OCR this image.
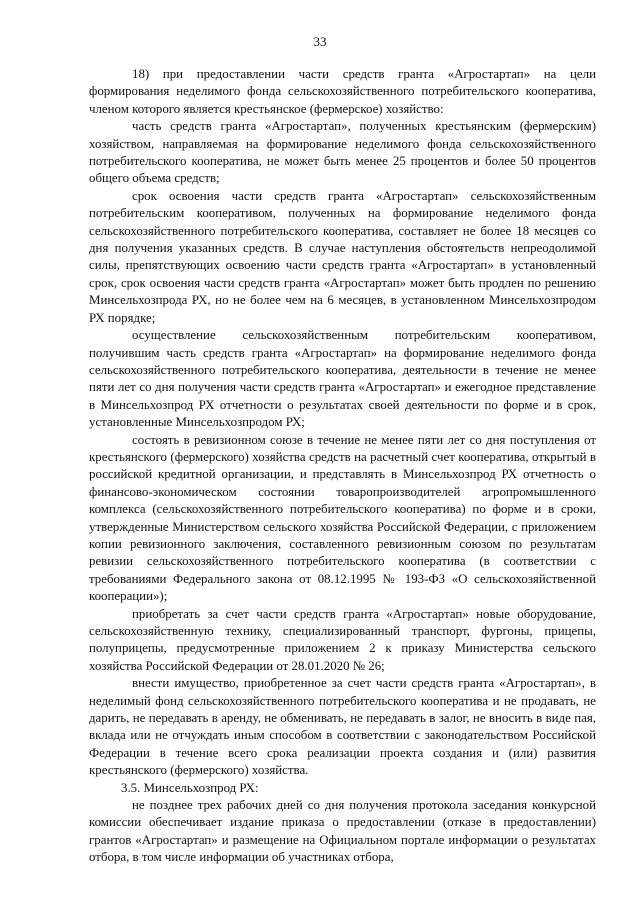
33

18) при предоставлении части средств гранта «Агростартап» на цели формирования неделимого фонда сельскохозяйственного потребительского кооператива, членом которого является крестьянское (фермерское) хозяйство:

часть средств гранта «Агростартап», полученных крестьянским (фермерским) хозяйством, направляемая на формирование неделимого фонда сельскохозяйственного потребительского кооператива, не может быть менее 25 процентов и более 50 процентов общего объема средств;

срок освоения части средств гранта «Агростартап» сельскохозяйственным потребительским кооперативом, полученных на формирование неделимого фонда сельскохозяйственного потребительского кооператива, составляет не более 18 месяцев со дня получения указанных средств. В случае наступления обстоятельств непреодолимой силы, препятствующих освоению части средств гранта «Агростартап» в установленный срок, срок освоения части средств гранта «Агростартап» может быть продлен по решению Минсельхозпрода РХ, но не более чем на 6 месяцев, в установленном Минсельхозпродом РХ порядке;

осуществление сельскохозяйственным потребительским кооперативом, получившим часть средств гранта «Агростартап» на формирование неделимого фонда сельскохозяйственного потребительского кооператива, деятельности в течение не менее пяти лет со дня получения части средств гранта «Агростартап» и ежегодное представление в Минсельхозпрод РХ отчетности о результатах своей деятельности по форме и в срок, установленные Минсельхозпродом РХ;

состоять в ревизионном союзе в течение не менее пяти лет со дня поступления от крестьянского (фермерского) хозяйства средств на расчетный счет кооператива, открытый в российской кредитной организации, и представлять в Минсельхозпрод РХ отчетность о финансово-экономическом состоянии товаропроизводителей агропромышленного комплекса (сельскохозяйственного потребительского кооператива) по форме и в сроки, утвержденные Министерством сельского хозяйства Российской Федерации, с приложением копии ревизионного заключения, составленного ревизионным союзом по результатам ревизии сельскохозяйственного потребительского кооператива (в соответствии с требованиями Федерального закона от 08.12.1995 № 193-ФЗ «О сельскохозяйственной кооперации»);

приобретать за счет части средств гранта «Агростартап» новые оборудование, сельскохозяйственную технику, специализированный транспорт, фургоны, прицепы, полуприцепы, предусмотренные приложением 2 к приказу Министерства сельского хозяйства Российской Федерации от 28.01.2020 № 26;

внести имущество, приобретенное за счет части средств гранта «Агростартап», в неделимый фонд сельскохозяйственного потребительского кооператива и не продавать, не дарить, не передавать в аренду, не обменивать, не передавать в залог, не вносить в виде пая, вклада или не отчуждать иным способом в соответствии с законодательством Российской Федерации в течение всего срока реализации проекта создания и (или) развития крестьянского (фермерского) хозяйства.

3.5. Минсельхозпрод РХ:

не позднее трех рабочих дней со дня получения протокола заседания конкурсной комиссии обеспечивает издание приказа о предоставлении (отказе в предоставлении) грантов «Агростартап» и размещение на Официальном портале информации о результатах отбора, в том числе информации об участниках отбора,
